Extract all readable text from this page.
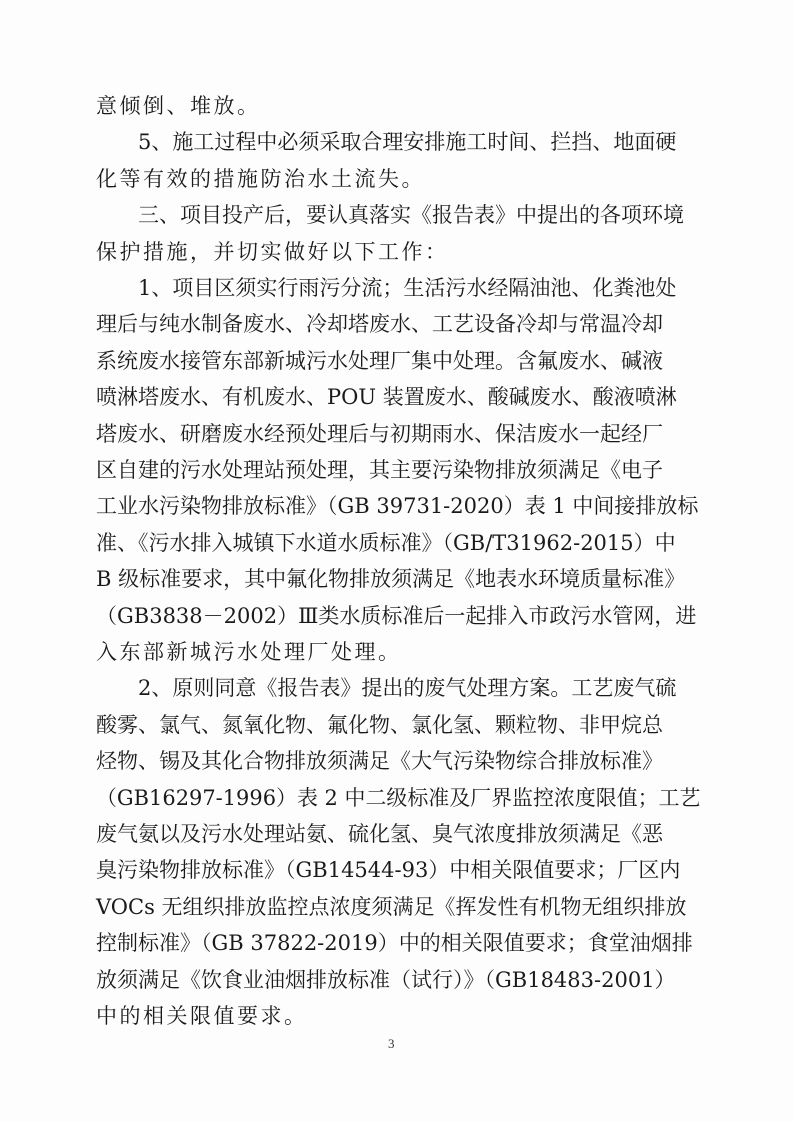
意倾倒、堆放。
5、施工过程中必须采取合理安排施工时间、拦挡、地面硬
化等有效的措施防治水土流失。
三、项目投产后，要认真落实《报告表》中提出的各项环境
保护措施，并切实做好以下工作：
1、项目区须实行雨污分流；生活污水经隔油池、化粪池处
理后与纯水制备废水、冷却塔废水、工艺设备冷却与常温冷却
系统废水接管东部新城污水处理厂集中处理。含氟废水、碱液
喷淋塔废水、有机废水、POU 装置废水、酸碱废水、酸液喷淋
塔废水、研磨废水经预处理后与初期雨水、保洁废水一起经厂
区自建的污水处理站预处理，其主要污染物排放须满足《电子
工业水污染物排放标准》（GB 39731-2020）表 1 中间接排放标
准、《污水排入城镇下水道水质标准》（GB/T31962-2015）中
B 级标准要求，其中氟化物排放须满足《地表水环境质量标准》
（GB3838－2002）Ⅲ类水质标准后一起排入市政污水管网，进
入东部新城污水处理厂处理。
2、原则同意《报告表》提出的废气处理方案。工艺废气硫
酸雾、氯气、氮氧化物、氟化物、氯化氢、颗粒物、非甲烷总
烃物、锡及其化合物排放须满足《大气污染物综合排放标准》
（GB16297-1996）表 2 中二级标准及厂界监控浓度限值；工艺
废气氨以及污水处理站氨、硫化氢、臭气浓度排放须满足《恶
臭污染物排放标准》（GB14544-93）中相关限值要求；厂区内
VOCs 无组织排放监控点浓度须满足《挥发性有机物无组织排放
控制标准》（GB 37822-2019）中的相关限值要求；食堂油烟排
放须满足《饮食业油烟排放标准（试行）》（GB18483-2001）
中的相关限值要求。
3
